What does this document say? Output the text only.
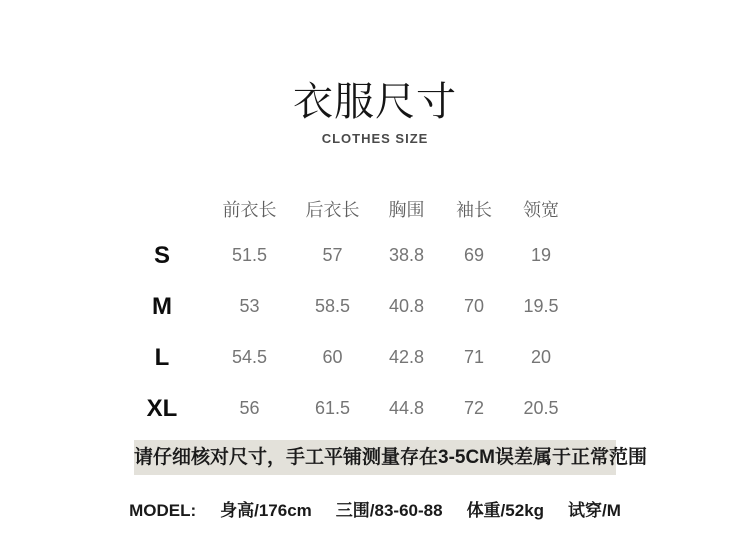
衣服尺寸
CLOTHES SIZE
	前衣长	后衣长	胸围	袖长	领宽
S	51.5	57	38.8	69	19
M	53	58.5	40.8	70	19.5
L	54.5	60	42.8	71	20
XL	56	61.5	44.8	72	20.5
请仔细核对尺寸，手工平铺测量存在3-5CM误差属于正常范围
MODEL: 身高/176cm 三围/83-60-88 体重/52kg 试穿/M
